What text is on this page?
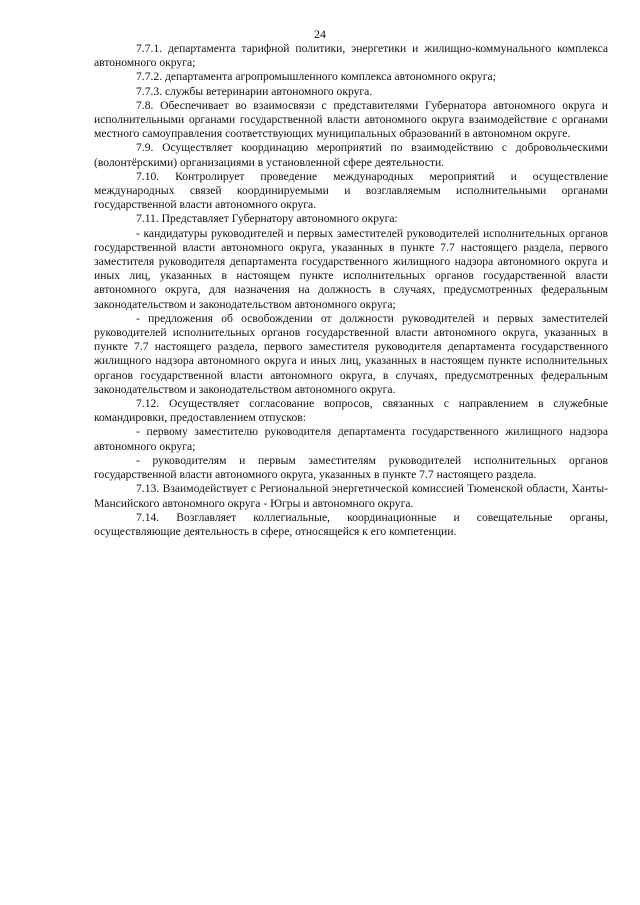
24

7.7.1. департамента тарифной политики, энергетики и жилищно-коммунального комплекса автономного округа;

7.7.2. департамента агропромышленного комплекса автономного округа;

7.7.3. службы ветеринарии автономного округа.

7.8. Обеспечивает во взаимосвязи с представителями Губернатора автономного округа и исполнительными органами государственной власти автономного округа взаимодействие с органами местного самоуправления соответствующих муниципальных образований в автономном округе.

7.9. Осуществляет координацию мероприятий по взаимодействию с добровольческими (волонтёрскими) организациями в установленной сфере деятельности.

7.10. Контролирует проведение международных мероприятий и осуществление международных связей координируемыми и возглавляемым исполнительными органами государственной власти автономного округа.

7.11. Представляет Губернатору автономного округа:

- кандидатуры руководителей и первых заместителей руководителей исполнительных органов государственной власти автономного округа, указанных в пункте 7.7 настоящего раздела, первого заместителя руководителя департамента государственного жилищного надзора автономного округа и иных лиц, указанных в настоящем пункте исполнительных органов государственной власти автономного округа, для назначения на должность в случаях, предусмотренных федеральным законодательством и законодательством автономного округа;

- предложения об освобождении от должности руководителей и первых заместителей руководителей исполнительных органов государственной власти автономного округа, указанных в пункте 7.7 настоящего раздела, первого заместителя руководителя департамента государственного жилищного надзора автономного округа и иных лиц, указанных в настоящем пункте исполнительных органов государственной власти автономного округа, в случаях, предусмотренных федеральным законодательством и законодательством автономного округа.

7.12. Осуществляет согласование вопросов, связанных с направлением в служебные командировки, предоставлением отпусков:

- первому заместителю руководителя департамента государственного жилищного надзора автономного округа;

- руководителям и первым заместителям руководителей исполнительных органов государственной власти автономного округа, указанных в пункте 7.7 настоящего раздела.

7.13. Взаимодействует с Региональной энергетической комиссией Тюменской области, Ханты-Мансийского автономного округа - Югры и автономного округа.

7.14. Возглавляет коллегиальные, координационные и совещательные органы, осуществляющие деятельность в сфере, относящейся к его компетенции.
